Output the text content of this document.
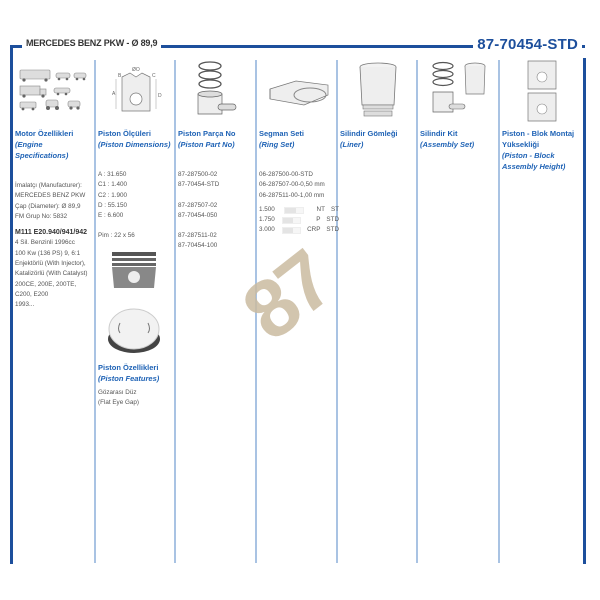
MERCEDES BENZ PKW - Ø 89,9	87-70454-STD
Motor Özellikleri
(Engine Specifications)
İmalatçı (Manufacturer):
MERCEDES BENZ PKW
Çap (Diameter): Ø 89,9
FM Grup No: 5832
M111 E20.940/941/942
4 Sil. Benzinli 1996cc
100 Kw (136 PS) 9, 6:1
Enjektörlü (With Injector),
Katalizörlü (With Catalyst)
200CE, 200E, 200TE,
C200, E200
1993...
A	D
ØO
B	C
Piston Ölçüleri
(Piston Dimensions)
A : 31.650
C1 : 1.400
C2 : 1.900
D : 55.150
E : 6.600
Pim : 22 x 56
Piston Özellikleri
(Piston Features)
Gözarası Düz
(Flat Eye Gap)
Piston Parça No
(Piston Part No)
87-287500-02
87-70454-STD
87-287507-02
87-70454-050
87-287511-02
87-70454-100
Segman Seti
(Ring Set)
06-287500-00-STD
06-287507-00-0,50 mm
06-287511-00-1,00 mm
1.500	NT ST
1.750	P STD
3.000	CRP STD
Silindir Gömleği
(Liner)
Silindir Kit
(Assembly Set)
Piston - Blok Montaj Yüksekliği
(Piston - Block Assembly Height)
87
